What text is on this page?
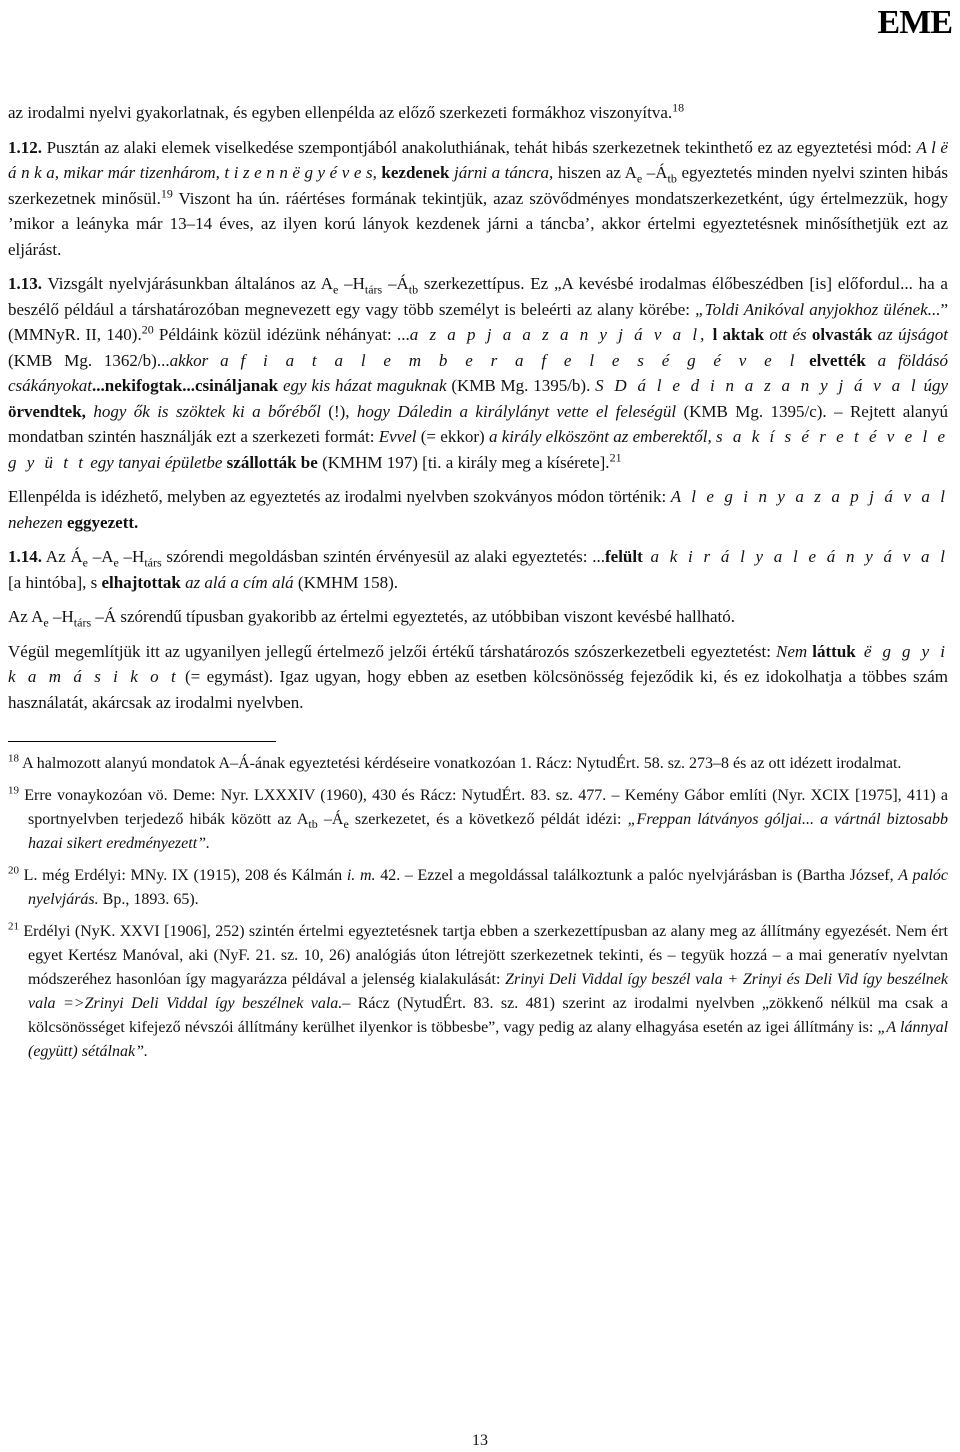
EME

az irodalmi nyelvi gyakorlatnak, és egyben ellenpélda az előző szerkezeti formákhoz viszonyítva.$^{18}$

1.12. Pusztán az alaki elemek viselkedése szempontjából anakoluthiának, tehát hibás szerkezetnek tekinthető ez az egyeztetési mód: A l ë á n k a, mikar már tizenhárom, t i z e n n ë g y é v e s, kezdenek járni a táncra, hiszen az $A_e$ $-Á_{tb}$ egyeztetés minden nyelvi szinten hibás szerkezetnek minősül.$^{19}$ Viszont ha ún. ráértéses formának tekintjük, azaz szövődményes mondatszerkezetként, úgy értelmezzük, hogy ’mikor a leányka már 13–14 éves, az ilyen korú lányok kezdenek járni a táncba’, akkor értelmi egyeztetésnek minősíthetjük ezt az eljárást.

1.13. Vizsgált nyelvjárásunkban általános az $A_e$ $-H_{társ}$ $-Á_{tb}$ szerkezettípus. Ez „A kevésbé irodalmas élőbeszédben [is] előfordul... ha a beszélő például a társhatározóban megnevezett egy vagy több személyt is beleérti az alany körébe: „Toldi Anikóval anyjokhoz ülének...” (MMNyR. II, 140).$^{20}$ Példáink közül idézünk néhányat: ...a z a p j a a z a n y j á v a l, l aktak ott és olvasták az újságot (KMB Mg. 1362/b)...akkor a f i a t a l e m b e r a f e l e s é g é v e l elvették a földásó csákányokat...nekifogtak...csináljanak egy kis házat maguknak (KMB Mg. 1395/b). S D á l e d i n a z a n y j á v a l úgy örvendtek, hogy ők is szöktek ki a bőréből (!), hogy Dáledin a királylányt vette el feleségül (KMB Mg. 1395/c). – Rejtett alanyú mondatban szintén használják ezt a szerkezeti formát: Evvel (= ekkor) a király elköszönt az emberektől, s a k í s é r e t é v e l e g y ü t t egy tanyai épületbe szállották be (KMHM 197) [ti. a király meg a kísérete].$^{21}$

Ellenpélda is idézhető, melyben az egyeztetés az irodalmi nyelvben szokványos módon történik: A l e g i n y a z a p j á v a l nehezen eggyezett.

1.14. Az $Á_e$ $-A_e$ $-H_{társ}$ szórendi megoldásban szintén érvényesül az alaki egyeztetés: ...felült a k i r á l y a l e á n y á v a l [a hintóba], s elhajtottak az alá a cím alá (KMHM 158).

Az $A_e$ $-H_{társ}$ –Á szórendű típusban gyakoribb az értelmi egyeztetés, az utóbbiban viszont kevésbé hallható.

Végül megemlítjük itt az ugyanilyen jellegű értelmező jelzői értékű társhatározós szószerkezetbeli egyeztetést: Nem láttuk ë g g y i k a m á s i k o t (= egymást). Igaz ugyan, hogy ebben az esetben kölcsönösség fejeződik ki, és ez idokolhatja a többes szám használatát, akárcsak az irodalmi nyelvben.

$^{18}$ A halmozott alanyú mondatok A–Á-ának egyeztetési kérdéseire vonatkozóan 1. Rácz: NytudÉrt. 58. sz. 273–8 és az ott idézett irodalmat.

$^{19}$ Erre vonaykozóan vö. Deme: Nyr. LXXXIV (1960), 430 és Rácz: NytudÉrt. 83. sz. 477. – Kemény Gábor említi (Nyr. XCIX [1975], 411) a sportnyelvben terjedező hibák között az $A_{tb}$ $-Á_e$ szerkezetet, és a következő példát idézi: „Freppan látványos góljai... a vártnál biztosabb hazai sikert eredményezett”.

$^{20}$ L. még Erdélyi: MNy. IX (1915), 208 és Kálmán i. m. 42. – Ezzel a megoldással találkoztunk a palóc nyelvjárásban is (Bartha József, A palóc nyelvjárás. Bp., 1893. 65).

$^{21}$ Erdélyi (NyK. XXVI [1906], 252) szintén értelmi egyeztetésnek tartja ebben a szerkezettípusban az alany meg az állítmány egyezését. Nem ért egyet Kertész Manóval, aki (NyF. 21. sz. 10, 26) analógiás úton létrejött szerkezetnek tekinti, és – tegyük hozzá – a mai generatív nyelvtan módszeréhez hasonlóan így magyarázza példával a jelenség kialakulását: Zrinyi Deli Viddal így beszél vala + Zrinyi és Deli Vid így beszélnek vala =>Zrinyi Deli Viddal így beszélnek vala.– Rácz (NytudÉrt. 83. sz. 481) szerint az irodalmi nyelvben „zökkenő nélkül ma csak a kölcsönösséget kifejező névszói állítmány kerülhet ilyenkor is többesbe”, vagy pedig az alany elhagyása esetén az igei állítmány is: „A lánnyal (együtt) sétálnak”.

13
